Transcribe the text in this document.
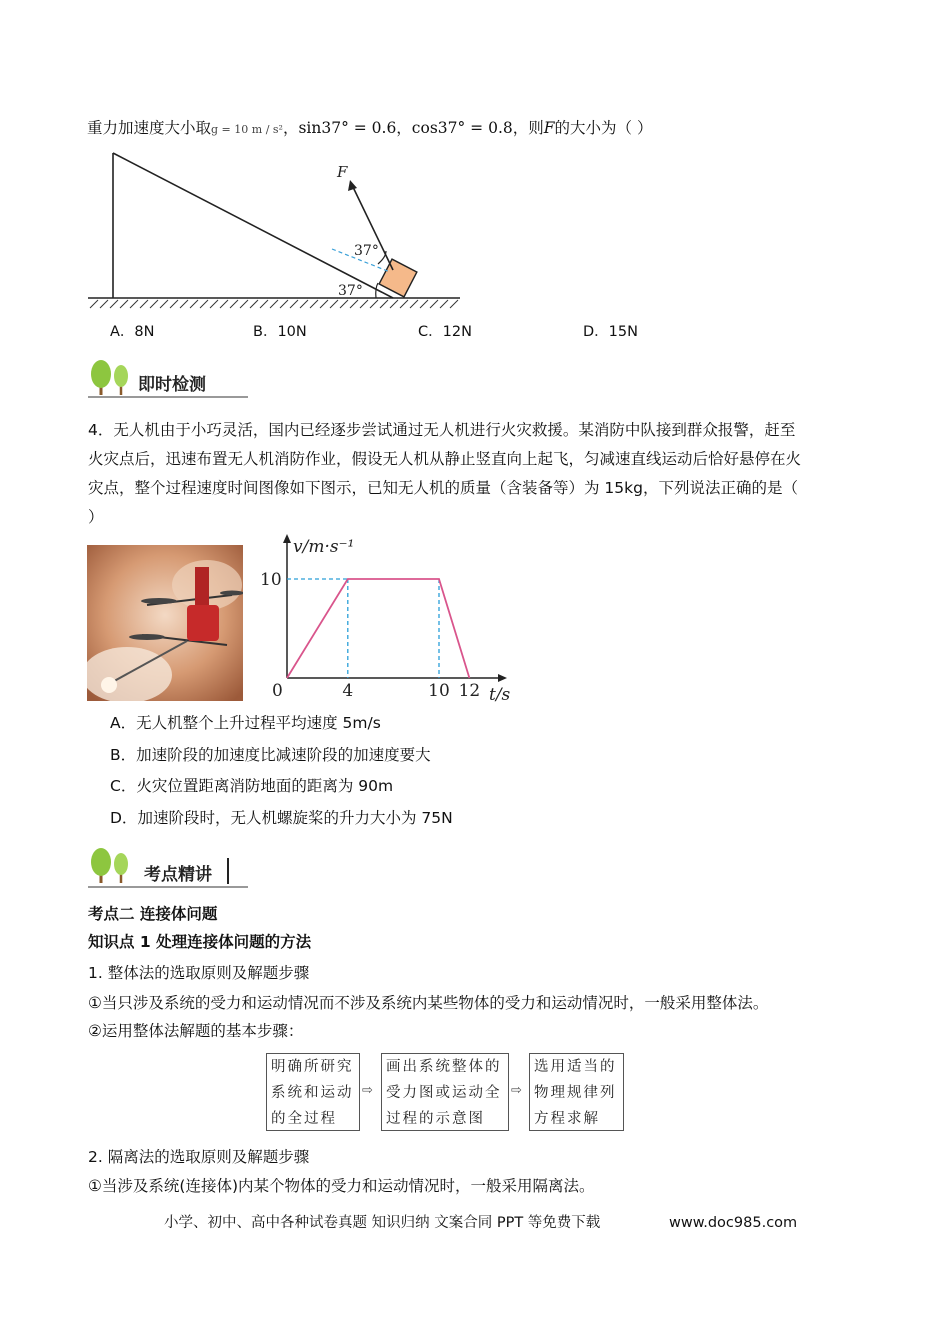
重力加速度大小取g = 10 m / s²，sin37° = 0.6，cos37° = 0.8，则F的大小为（ ）
F
37°
37°
A．8N	B．10N	C．12N	D．15N
即时检测
4．无人机由于小巧灵活，国内已经逐步尝试通过无人机进行火灾救援。某消防中队接到群众报警，赶至
火灾点后，迅速布置无人机消防作业，假设无人机从静止竖直向上起飞，匀减速直线运动后恰好悬停在火
灾点，整个过程速度时间图像如下图示，已知无人机的质量（含装备等）为 15kg，下列说法正确的是（
）
v/m·s⁻¹
t/s
0	4	10 12
10
A．无人机整个上升过程平均速度 5m/s
B．加速阶段的加速度比减速阶段的加速度要大
C．火灾位置距离消防地面的距离为 90m
D．加速阶段时，无人机螺旋桨的升力大小为 75N
考点精讲
考点二 连接体问题
知识点 1 处理连接体问题的方法
1. 整体法的选取原则及解题步骤
①当只涉及系统的受力和运动情况而不涉及系统内某些物体的受力和运动情况时，一般采用整体法。
②运用整体法解题的基本步骤：
明确所研究
系统和运动
的全过程
⇨
画出系统整体的
受力图或运动全
过程的示意图
⇨
选用适当的
物理规律列
方程求解
2. 隔离法的选取原则及解题步骤
①当涉及系统(连接体)内某个物体的受力和运动情况时，一般采用隔离法。
小学、初中、高中各种试卷真题 知识归纳 文案合同 PPT 等免费下载	www.doc985.com
